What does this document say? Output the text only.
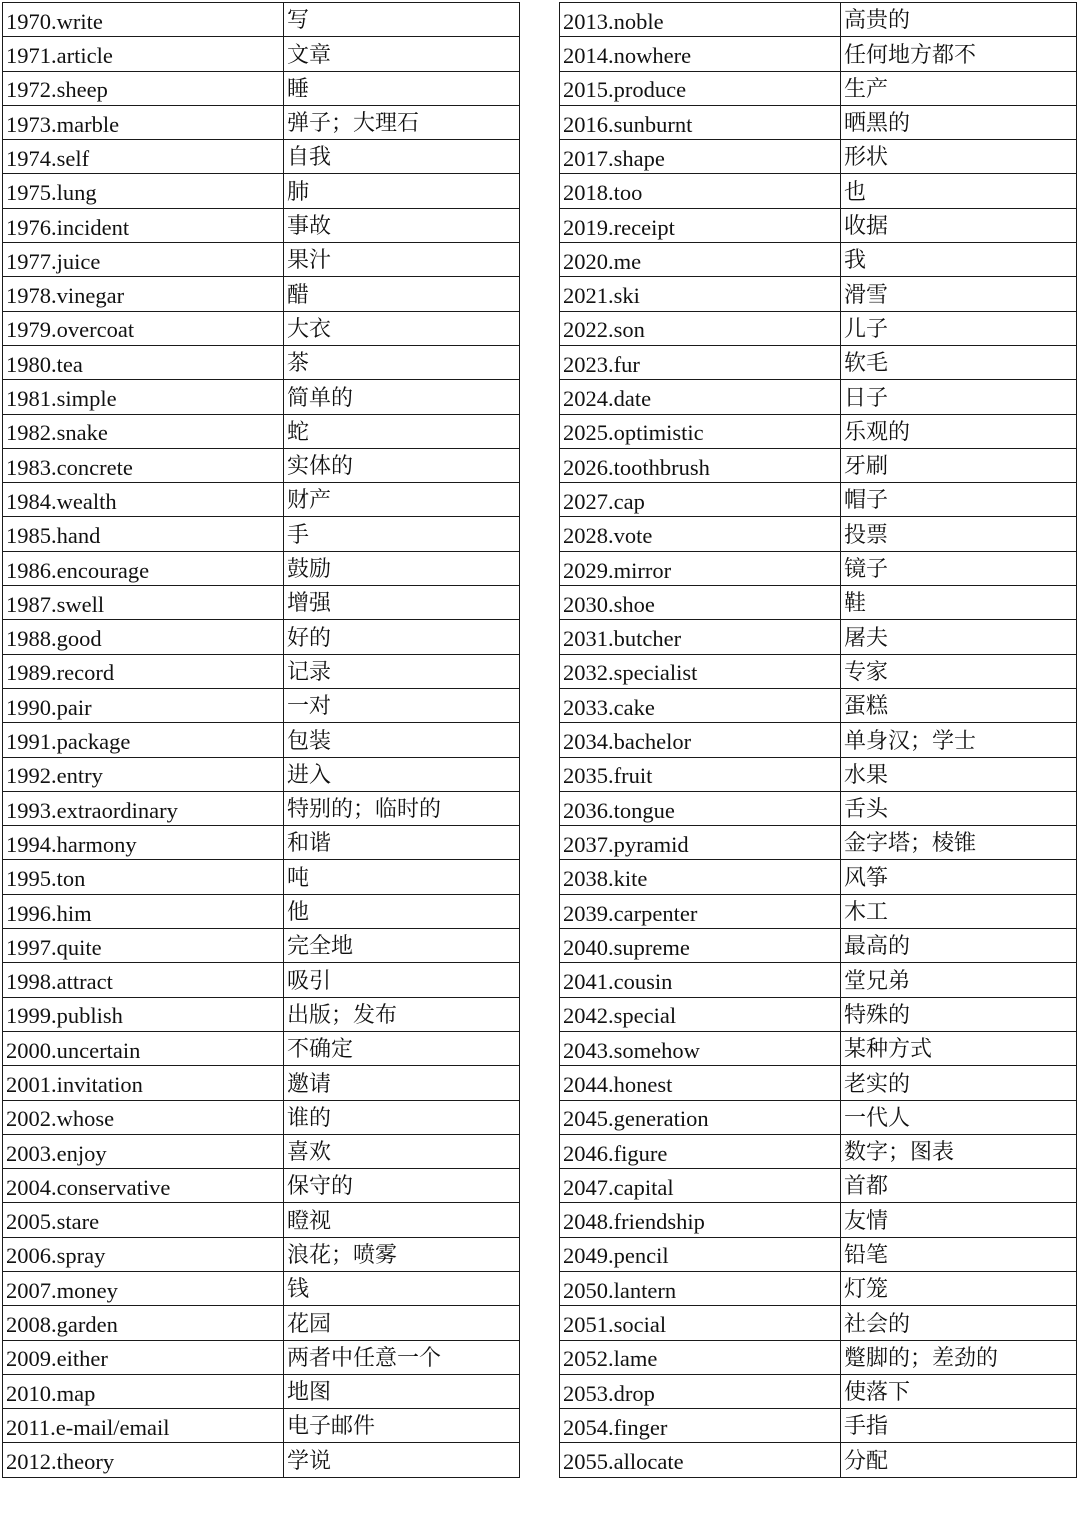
1970.write	写
1971.article	文章
1972.sheep	睡
1973.marble	弹子；大理石
1974.self	自我
1975.lung	肺
1976.incident	事故
1977.juice	果汁
1978.vinegar	醋
1979.overcoat	大衣
1980.tea	茶
1981.simple	简单的
1982.snake	蛇
1983.concrete	实体的
1984.wealth	财产
1985.hand	手
1986.encourage	鼓励
1987.swell	增强
1988.good	好的
1989.record	记录
1990.pair	一对
1991.package	包装
1992.entry	进入
1993.extraordinary	特别的；临时的
1994.harmony	和谐
1995.ton	吨
1996.him	他
1997.quite	完全地
1998.attract	吸引
1999.publish	出版；发布
2000.uncertain	不确定
2001.invitation	邀请
2002.whose	谁的
2003.enjoy	喜欢
2004.conservative	保守的
2005.stare	瞪视
2006.spray	浪花；喷雾
2007.money	钱
2008.garden	花园
2009.either	两者中任意一个
2010.map	地图
2011.e-mail/email	电子邮件
2012.theory	学说
2013.noble	高贵的
2014.nowhere	任何地方都不
2015.produce	生产
2016.sunburnt	晒黑的
2017.shape	形状
2018.too	也
2019.receipt	收据
2020.me	我
2021.ski	滑雪
2022.son	儿子
2023.fur	软毛
2024.date	日子
2025.optimistic	乐观的
2026.toothbrush	牙刷
2027.cap	帽子
2028.vote	投票
2029.mirror	镜子
2030.shoe	鞋
2031.butcher	屠夫
2032.specialist	专家
2033.cake	蛋糕
2034.bachelor	单身汉；学士
2035.fruit	水果
2036.tongue	舌头
2037.pyramid	金字塔；棱锥
2038.kite	风筝
2039.carpenter	木工
2040.supreme	最高的
2041.cousin	堂兄弟
2042.special	特殊的
2043.somehow	某种方式
2044.honest	老实的
2045.generation	一代人
2046.figure	数字；图表
2047.capital	首都
2048.friendship	友情
2049.pencil	铅笔
2050.lantern	灯笼
2051.social	社会的
2052.lame	蹩脚的；差劲的
2053.drop	使落下
2054.finger	手指
2055.allocate	分配
